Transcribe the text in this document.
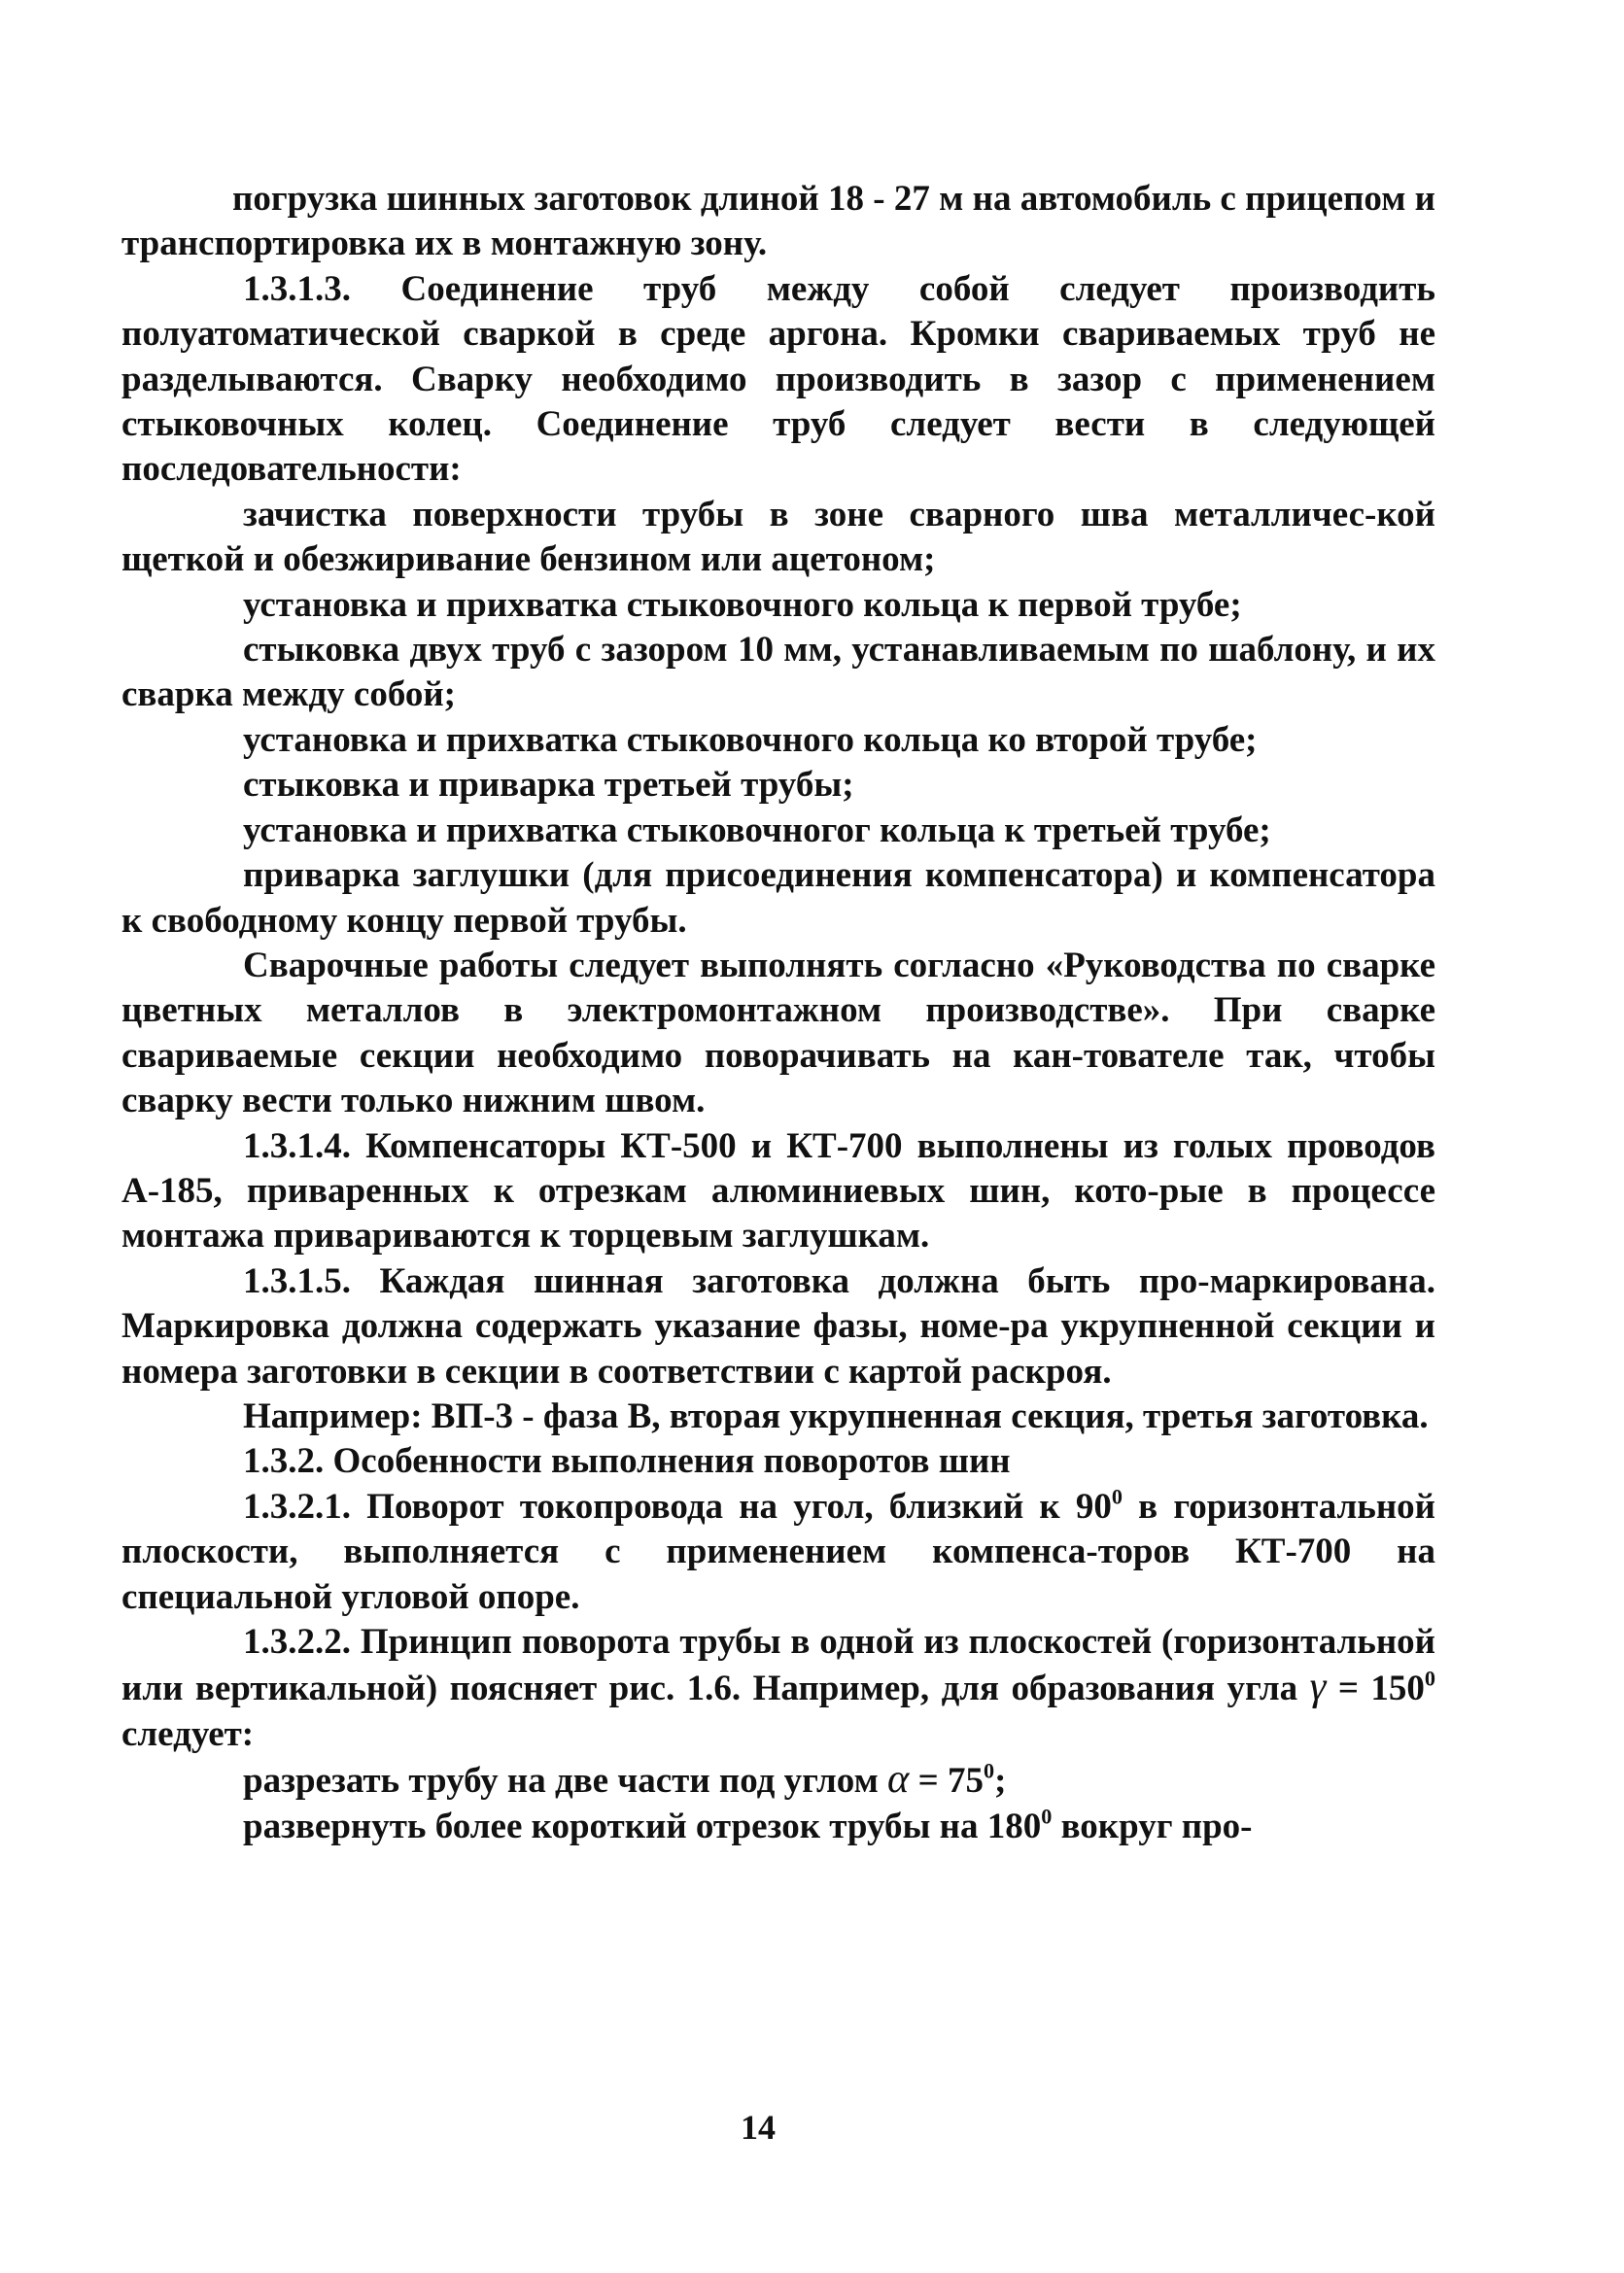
погрузка шинных заготовок длиной 18 - 27 м на автомобиль с прицепом и транспортировка их в монтажную зону.

1.3.1.3. Соединение труб между собой следует производить полуатоматической сваркой в среде аргона. Кромки свариваемых труб не разделываются. Сварку необходимо производить в зазор с применением стыковочных колец. Соединение труб следует вести в следующей последовательности:

зачистка поверхности трубы в зоне сварного шва металличес-кой щеткой и обезжиривание бензином или ацетоном;

установка и прихватка стыковочного кольца к первой трубе;

стыковка двух труб с зазором 10 мм, устанавливаемым по шаблону, и их сварка между собой;

установка и прихватка стыковочного кольца ко второй трубе;

стыковка и приварка третьей трубы;

установка и прихватка стыковочногог кольца к третьей трубе;

приварка заглушки (для присоединения компенсатора) и компенсатора к свободному концу первой трубы.

Сварочные работы следует выполнять согласно «Руководства по сварке цветных металлов в электромонтажном производстве». При сварке свариваемые секции необходимо поворачивать на кан-тователе так, чтобы сварку вести только нижним швом.

1.3.1.4. Компенсаторы КТ-500 и КТ-700 выполнены из голых проводов А-185, приваренных к отрезкам алюминиевых шин, кото-рые в процессе монтажа привариваются к торцевым заглушкам.

1.3.1.5. Каждая шинная заготовка должна быть про-маркирована. Маркировка должна содержать указание фазы, номе-ра укрупненной секции и номера заготовки в секции в соответствии с картой раскроя.

Например: ВП-3 - фаза В, вторая укрупненная секция, третья заготовка.

1.3.2. Особенности выполнения поворотов шин

1.3.2.1. Поворот токопровода на угол, близкий к $90^0$ в горизонтальной плоскости, выполняется с применением компенса-торов КТ-700 на специальной угловой опоре.

1.3.2.2. Принцип поворота трубы в одной из плоскостей (горизонтальной или вертикальной) поясняет рис. 1.6. Например, для образования угла $\gamma = 150^0$ следует:

разрезать трубу на две части под углом $\alpha = 75^0$;

развернуть более короткий отрезок трубы на $180^0$ вокруг про-

14
